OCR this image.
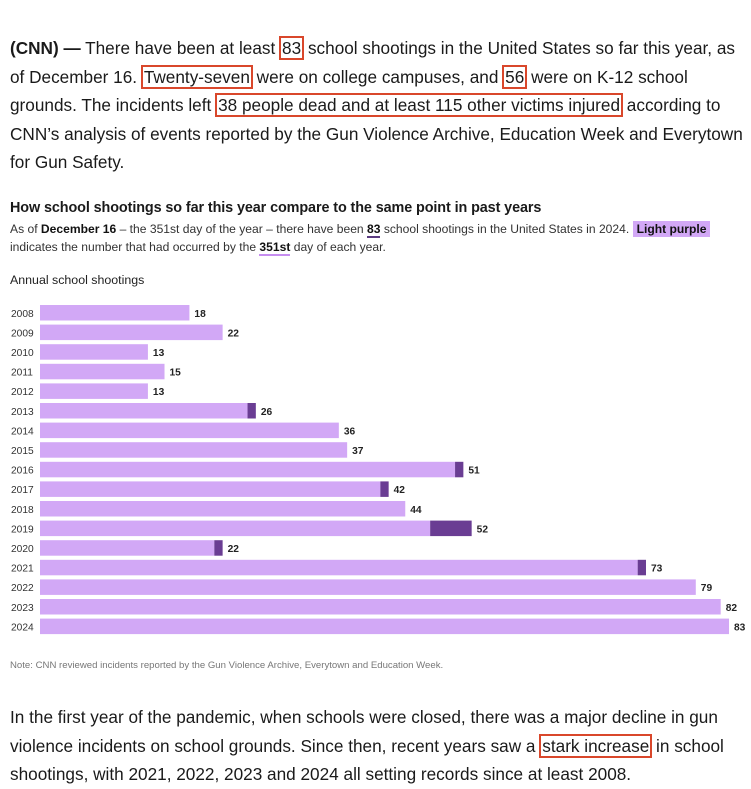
(CNN) — There have been at least 83 school shootings in the United States so far this year, as of December 16. Twenty-seven were on college campuses, and 56 were on K-12 school grounds. The incidents left 38 people dead and at least 115 other victims injured according to CNN’s analysis of events reported by the Gun Violence Archive, Education Week and Everytown for Gun Safety.
How school shootings so far this year compare to the same point in past years
As of December 16 – the 351st day of the year – there have been 83 school shootings in the United States in 2024. Light purple indicates the number that had occurred by the 351st day of each year.
Annual school shootings
2008	18
2009	22
2010	13
2011	15
2012	13
2013	26
2014	36
2015	37
2016	51
2017	42
2018	44
2019	52
2020	22
2021	73
2022	79
2023	82
2024	83
Note: CNN reviewed incidents reported by the Gun Violence Archive, Everytown and Education Week.
In the first year of the pandemic, when schools were closed, there was a major decline in gun violence incidents on school grounds. Since then, recent years saw a stark increase in school shootings, with 2021, 2022, 2023 and 2024 all setting records since at least 2008.
